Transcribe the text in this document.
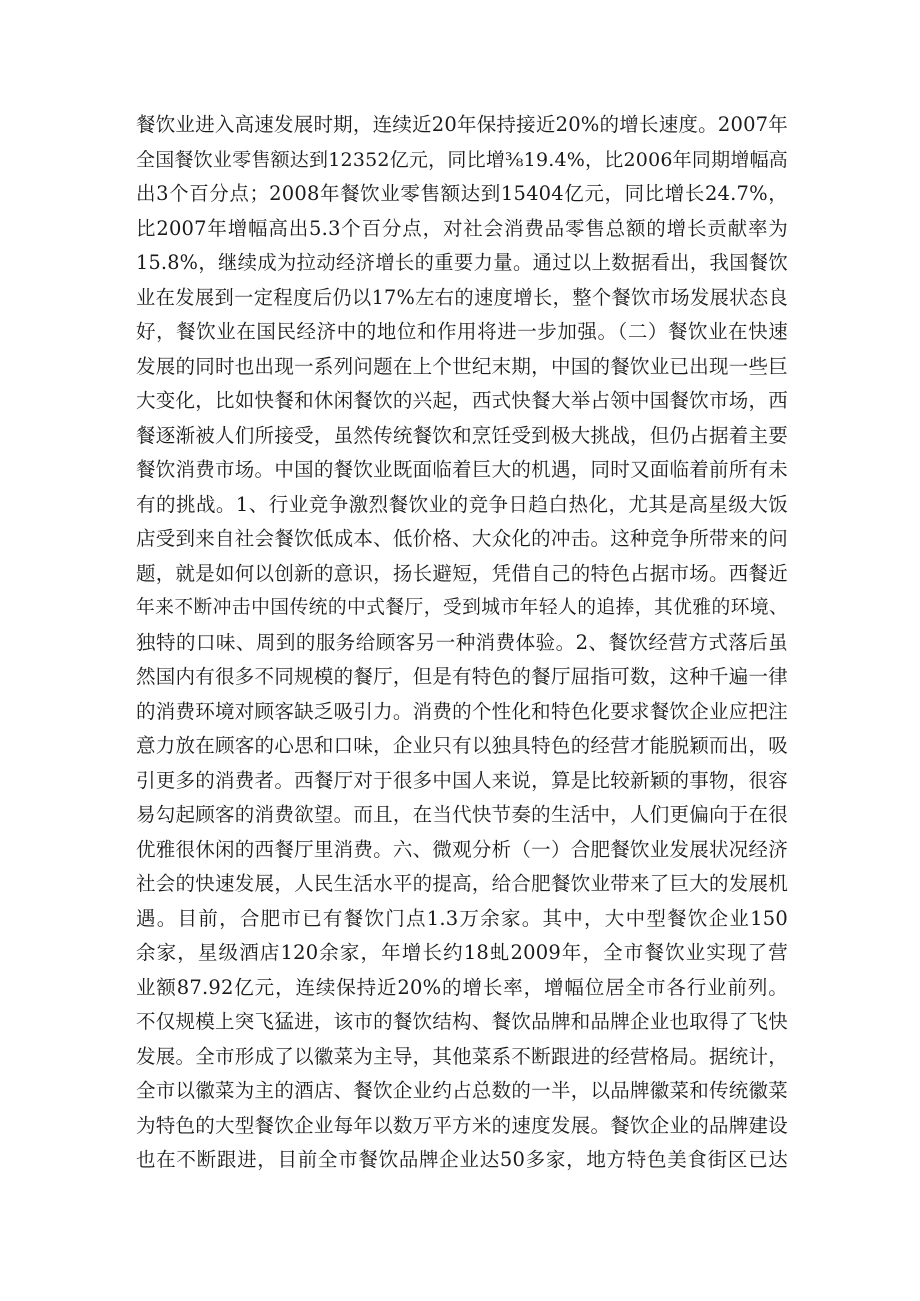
餐饮业进入高速发展时期，连续近20年保持接近20%的增长速度。2007年
全国餐饮业零售额达到12352亿元，同比增⅜19.4%，比2006年同期增幅高
出3个百分点；2008年餐饮业零售额达到15404亿元，同比增长24.7%，
比2007年增幅高出5.3个百分点，对社会消费品零售总额的增长贡献率为
15.8%，继续成为拉动经济增长的重要力量。通过以上数据看出，我国餐饮
业在发展到一定程度后仍以17%左右的速度增长，整个餐饮市场发展状态良
好，餐饮业在国民经济中的地位和作用将进一步加强。（二）餐饮业在快速
发展的同时也出现一系列问题在上个世纪末期，中国的餐饮业已出现一些巨
大变化，比如快餐和休闲餐饮的兴起，西式快餐大举占领中国餐饮市场，西
餐逐渐被人们所接受，虽然传统餐饮和烹饪受到极大挑战，但仍占据着主要
餐饮消费市场。中国的餐饮业既面临着巨大的机遇，同时又面临着前所有未
有的挑战。1、行业竞争激烈餐饮业的竞争日趋白热化，尤其是高星级大饭
店受到来自社会餐饮低成本、低价格、大众化的冲击。这种竞争所带来的问
题，就是如何以创新的意识，扬长避短，凭借自己的特色占据市场。西餐近
年来不断冲击中国传统的中式餐厅，受到城市年轻人的追捧，其优雅的环境、
独特的口味、周到的服务给顾客另一种消费体验。2、餐饮经营方式落后虽
然国内有很多不同规模的餐厅，但是有特色的餐厅屈指可数，这种千遍一律
的消费环境对顾客缺乏吸引力。消费的个性化和特色化要求餐饮企业应把注
意力放在顾客的心思和口味，企业只有以独具特色的经营才能脱颖而出，吸
引更多的消费者。西餐厅对于很多中国人来说，算是比较新颖的事物，很容
易勾起顾客的消费欲望。而且，在当代快节奏的生活中，人们更偏向于在很
优雅很休闲的西餐厅里消费。六、微观分析（一）合肥餐饮业发展状况经济
社会的快速发展，人民生活水平的提高，给合肥餐饮业带来了巨大的发展机
遇。目前，合肥市已有餐饮门点1.3万余家。其中，大中型餐饮企业150
余家，星级酒店120余家，年增长约18虬2009年，全市餐饮业实现了营
业额87.92亿元，连续保持近20%的增长率，增幅位居全市各行业前列。
不仅规模上突飞猛进，该市的餐饮结构、餐饮品牌和品牌企业也取得了飞快
发展。全市形成了以徽菜为主导，其他菜系不断跟进的经营格局。据统计，
全市以徽菜为主的酒店、餐饮企业约占总数的一半，以品牌徽菜和传统徽菜
为特色的大型餐饮企业每年以数万平方米的速度发展。餐饮企业的品牌建设
也在不断跟进，目前全市餐饮品牌企业达50多家，地方特色美食街区已达
